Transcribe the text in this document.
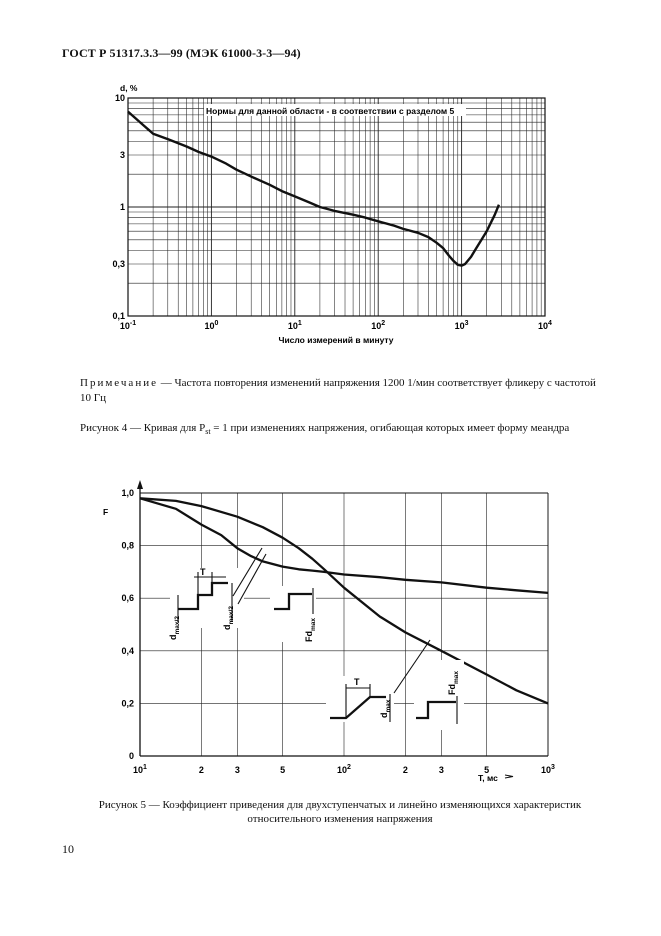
ГОСТ Р 51317.3.3—99 (МЭК 61000-3-3—94)
Нормы для данной области - в соответствии с разделом 5
10
3
1
0,3
0,1
$10^{-1}$	$10^0$	$10^1$	$10^2$	$10^3$	$10^4$
d, %
Число измерений в минуту
1,0
0,8
0,6
0,4
0,2
0
$10^1$	2	3	5	$10^2$	2	3	5	$10^3$
F
T, мс
T
$d_{max/2}$	$d_{max/2}$
$Fd_{max}$
T
$d_{max}$
$Fd_{max}$
Примечание — Частота повторения изменений напряжения 1200 1/мин соответствует фликеру с частотой 10 Гц
Рисунок 4 — Кривая для $P_{st} = 1$ при изменениях напряжения, огибающая которых имеет форму меандра
Рисунок 5 — Коэффициент приведения для двухступенчатых и линейно изменяющихся характеристик относительного изменения напряжения
10
